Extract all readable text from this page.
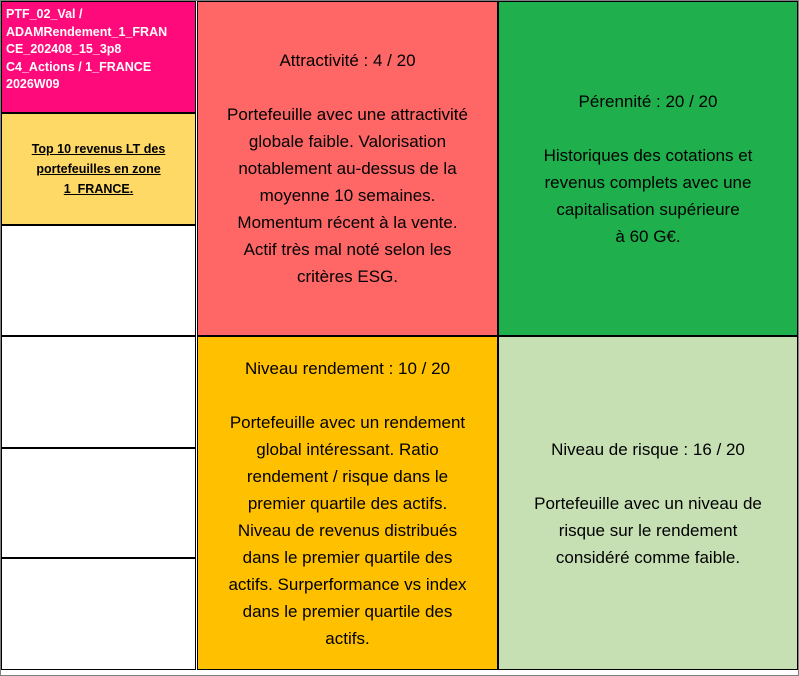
PTF_02_Val /
ADAMRendement_1_FRAN
CE_202408_15_3p8
C4_Actions / 1_FRANCE
2026W09
Top 10 revenus LT des
portefeuilles en zone
1_FRANCE.
Attractivité : 4 / 20
Portefeuille avec une attractivité
globale faible. Valorisation
notablement au-dessus de la
moyenne 10 semaines.
Momentum récent à la vente.
Actif très mal noté selon les
critères ESG.
Pérennité : 20 / 20
Historiques des cotations et
revenus complets avec une
capitalisation supérieure
à 60 G€.
Niveau rendement : 10 / 20
Portefeuille avec un rendement
global intéressant. Ratio
rendement / risque dans le
premier quartile des actifs.
Niveau de revenus distribués
dans le premier quartile des
actifs. Surperformance vs index
dans le premier quartile des
actifs.
Niveau de risque : 16 / 20
Portefeuille avec un niveau de
risque sur le rendement
considéré comme faible.
